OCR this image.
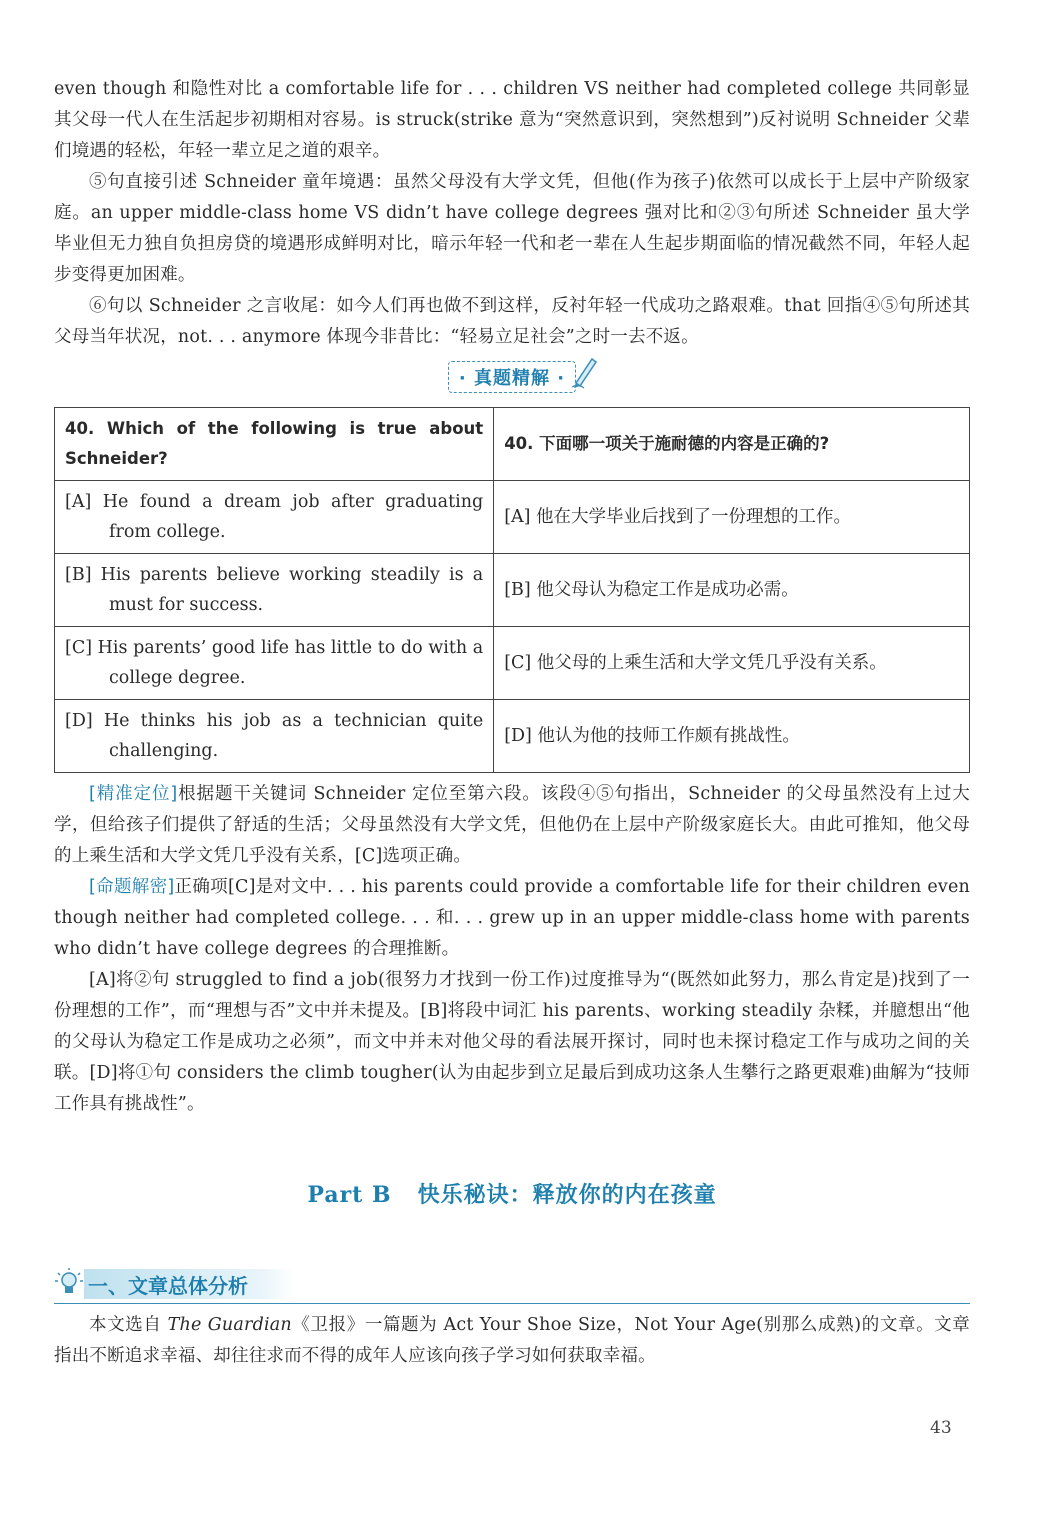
even though 和隐性对比 a comfortable life for . . . children VS neither had completed college 共同彰显其父母一代人在生活起步初期相对容易。is struck(strike 意为“突然意识到，突然想到”)反衬说明 Schneider 父辈们境遇的轻松，年轻一辈立足之道的艰辛。

⑤句直接引述 Schneider 童年境遇：虽然父母没有大学文凭，但他(作为孩子)依然可以成长于上层中产阶级家庭。an upper middle-class home VS didn’t have college degrees 强对比和②③句所述 Schneider 虽大学毕业但无力独自负担房贷的境遇形成鲜明对比，暗示年轻一代和老一辈在人生起步期面临的情况截然不同，年轻人起步变得更加困难。

⑥句以 Schneider 之言收尾：如今人们再也做不到这样，反衬年轻一代成功之路艰难。that 回指④⑤句所述其父母当年状况，not. . . anymore 体现今非昔比：“轻易立足社会”之时一去不返。

· 真题精解 ·
40. Which of the following is true about Schneider?	40. 下面哪一项关于施耐德的内容是正确的?

[A] He found a dream job after graduating from college.	[A] 他在大学毕业后找到了一份理想的工作。

[B] His parents believe working steadily is a must for success.	[B] 他父母认为稳定工作是成功必需。

[C] His parents’ good life has little to do with a college degree.	[C] 他父母的上乘生活和大学文凭几乎没有关系。

[D] He thinks his job as a technician quite challenging.	[D] 他认为他的技师工作颇有挑战性。

[精准定位]根据题干关键词 Schneider 定位至第六段。该段④⑤句指出，Schneider 的父母虽然没有上过大学，但给孩子们提供了舒适的生活；父母虽然没有大学文凭，但他仍在上层中产阶级家庭长大。由此可推知，他父母的上乘生活和大学文凭几乎没有关系，[C]选项正确。

[命题解密]正确项[C]是对文中. . . his parents could provide a comfortable life for their children even though neither had completed college. . . 和. . . grew up in an upper middle-class home with parents who didn’t have college degrees 的合理推断。

[A]将②句 struggled to find a job(很努力才找到一份工作)过度推导为“(既然如此努力，那么肯定是)找到了一份理想的工作”，而“理想与否”文中并未提及。[B]将段中词汇 his parents、working steadily 杂糅，并臆想出“他的父母认为稳定工作是成功之必须”，而文中并未对他父母的看法展开探讨，同时也未探讨稳定工作与成功之间的关联。[D]将①句 considers the climb tougher(认为由起步到立足最后到成功这条人生攀行之路更艰难)曲解为“技师工作具有挑战性”。

Part B 快乐秘诀：释放你的内在孩童
一、文章总体分析

本文选自 The Guardian《卫报》一篇题为 Act Your Shoe Size，Not Your Age(别那么成熟)的文章。文章指出不断追求幸福、却往往求而不得的成年人应该向孩子学习如何获取幸福。

43
